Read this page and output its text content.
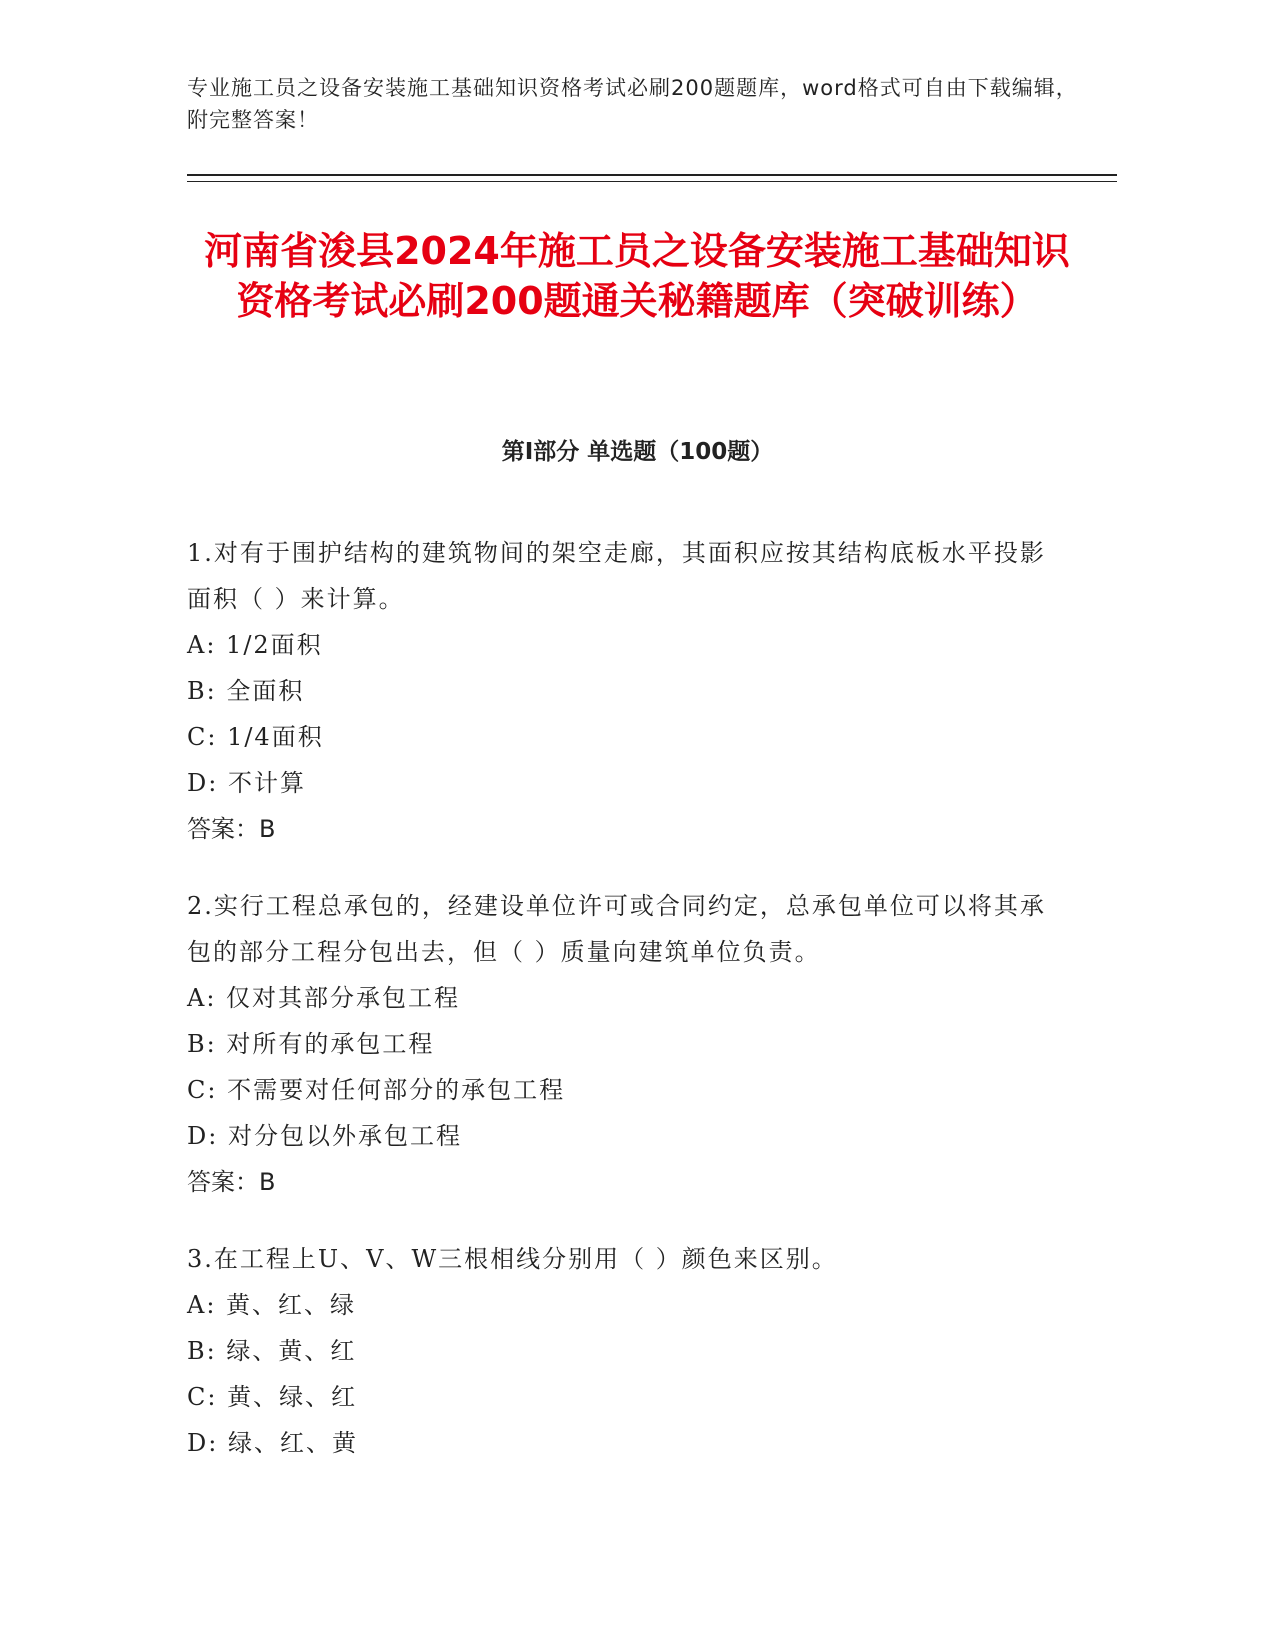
专业施工员之设备安装施工基础知识资格考试必刷200题题库，word格式可自由下载编辑，附完整答案！
河南省浚县2024年施工员之设备安装施工基础知识资格考试必刷200题通关秘籍题库（突破训练）
第Ⅰ部分 单选题（100题）
1.对有于围护结构的建筑物间的架空走廊，其面积应按其结构底板水平投影面积（ ）来计算。
A: 1/2面积
B: 全面积
C: 1/4面积
D: 不计算
答案：B
2.实行工程总承包的，经建设单位许可或合同约定，总承包单位可以将其承包的部分工程分包出去，但（ ）质量向建筑单位负责。
A: 仅对其部分承包工程
B: 对所有的承包工程
C: 不需要对任何部分的承包工程
D: 对分包以外承包工程
答案：B
3.在工程上U、V、W三根相线分别用（ ）颜色来区别。
A: 黄、红、绿
B: 绿、黄、红
C: 黄、绿、红
D: 绿、红、黄
